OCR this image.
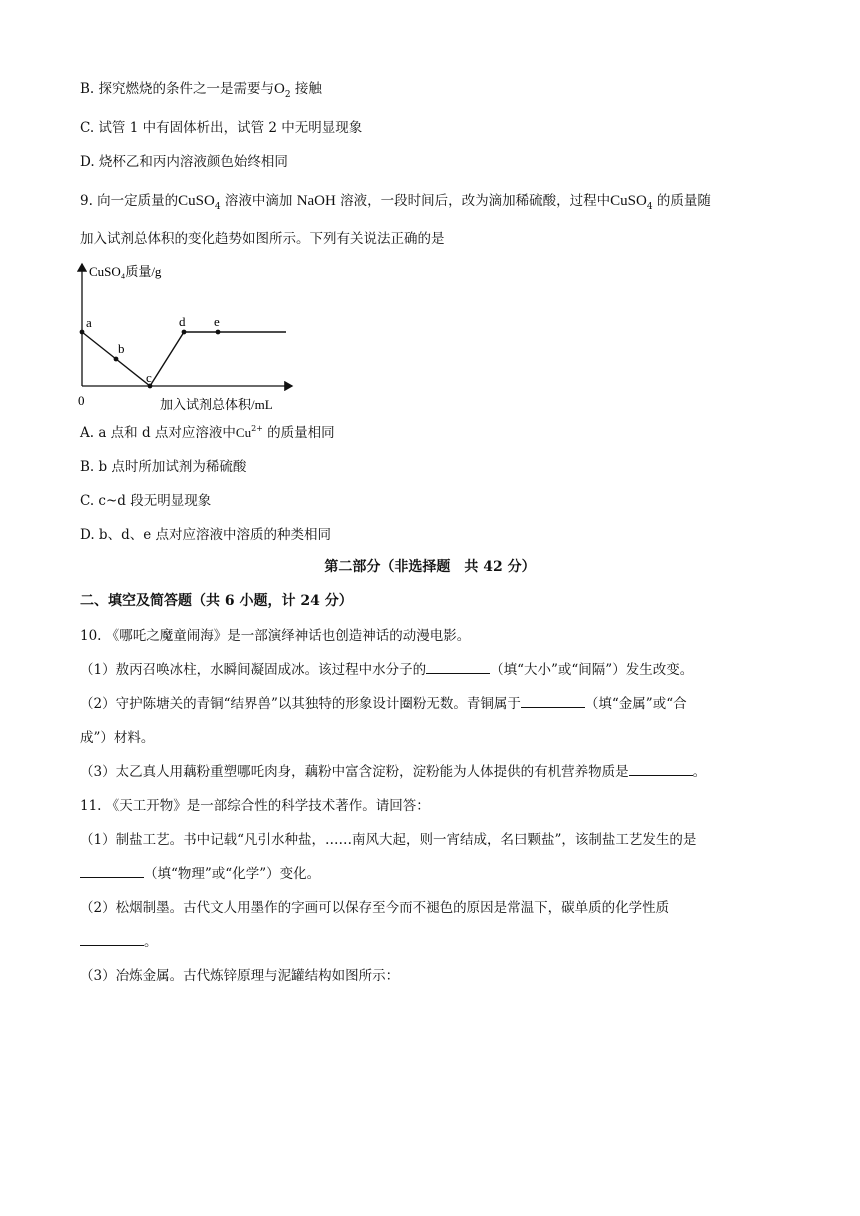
B. 探究燃烧的条件之一是需要与$O_2$ 接触
C. 试管 1 中有固体析出，试管 2 中无明显现象
D. 烧杯乙和丙内溶液颜色始终相同
9. 向一定质量的CuSO$_4$ 溶液中滴加 NaOH 溶液，一段时间后，改为滴加稀硫酸，过程中CuSO$_4$ 的质量随
加入试剂总体积的变化趋势如图所示。下列有关说法正确的是
CuSO₄质量/g
加入试剂总体积/mL
0
a
b
c
d e
A. a 点和 d 点对应溶液中$Cu^{2+}$ 的质量相同
B. b 点时所加试剂为稀硫酸
C. c~d 段无明显现象
D. b、d、e 点对应溶液中溶质的种类相同
第二部分（非选择题　共 42 分）
二、填空及简答题（共 6 小题，计 24 分）
10. 《哪吒之魔童闹海》是一部演绎神话也创造神话的动漫电影。
（1）敖丙召唤冰柱，水瞬间凝固成冰。该过程中水分子的	（填“大小”或“间隔”）发生改变。
（2）守护陈塘关的青铜“结界兽”以其独特的形象设计圈粉无数。青铜属于	（填“金属”或“合
成”）材料。
（3）太乙真人用藕粉重塑哪吒肉身，藕粉中富含淀粉，淀粉能为人体提供的有机营养物质是	。
11. 《天工开物》是一部综合性的科学技术著作。请回答：
（1）制盐工艺。书中记载“凡引水种盐，……南风大起，则一宵结成，名曰颗盐”，该制盐工艺发生的是
（填“物理”或“化学”）变化。
（2）松烟制墨。古代文人用墨作的字画可以保存至今而不褪色的原因是常温下，碳单质的化学性质
。
（3）冶炼金属。古代炼锌原理与泥罐结构如图所示：
